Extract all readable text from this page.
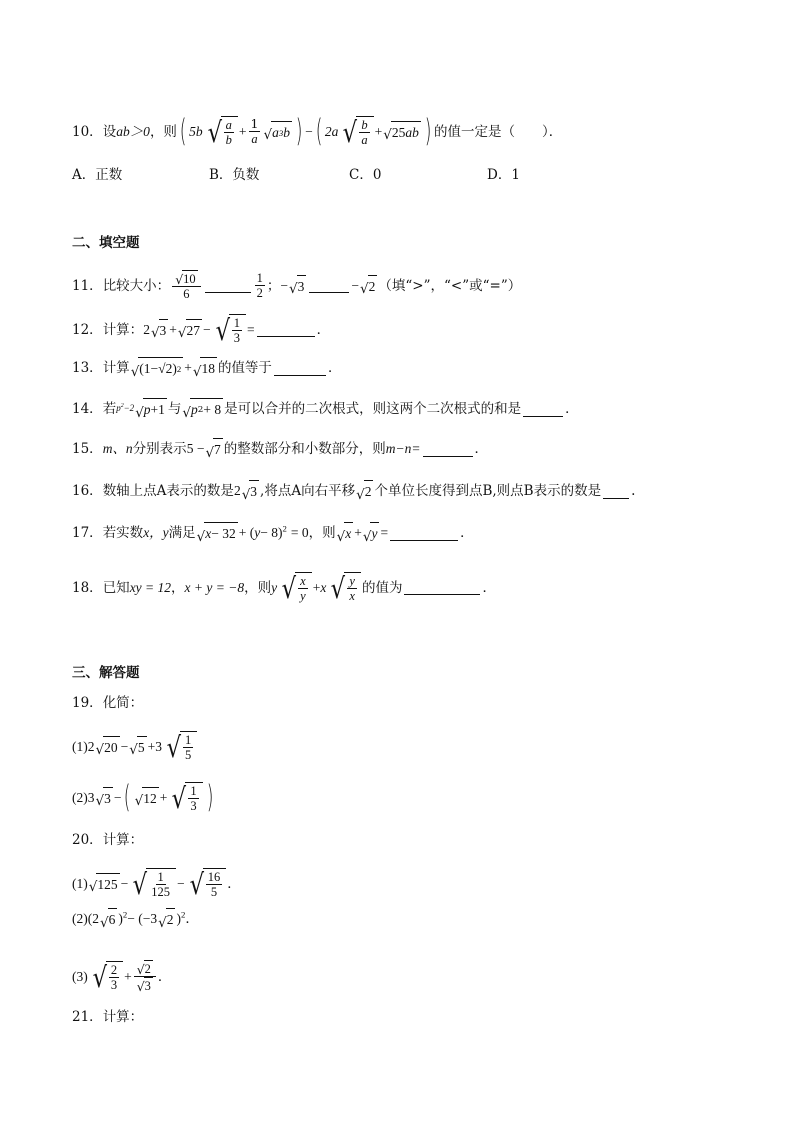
10． 设 ab＞0 ，则 ( 5b √ $\frac{a}{b} + \frac{1}{a}$ √ a 3 b ) − ( 2a √ $\frac{b}{a}$ + √ 25 ab ) 的值一定是（　　）．
A．正数	B．负数	C．0	D．1
二、填空题
11． 比较大小： $\frac{√ 10}{6}$	$\frac{1}{2}$ ； − √ 3	− √ 2 （填“>”，“<”或“=”）
12． 计算： 2 √ 3 + √ 27 − √ $\frac{1}{3}$ =	．
13． 计算 √ (1−√2) 2 + √ 18 的值等于	．
14． 若 $p^2-2$ √ p +1 与 √ p 2 + 8 是可以合并的二次根式，则这两个二次根式的和是	．
15． m、n 分别表示 5 − √ 7 的整数部分和小数部分，则 m−n=	．
16． 数轴上点A表示的数是 2 √ 3 ,将点A向右平移 √ 2 个单位长度得到点B,则点B表示的数是 .
17． 若实数 x，y 满足 √ x − 32 + ( y − 8)$^2$ = 0 ，则 √ x + √ y =	．
18． 已知 xy = 12 ， x + y = −8 ，则 y √ $\frac{x}{y} + x$ √ $\frac{y}{x}$ 的值为	．
三、解答题
19． 化简：
(1) 2 √ 20 − √ 5 +3 √ $\frac{1}{5}$
(2) 3 √ 3 − ( √ 12 + √ $\frac{1}{3}$ )
20． 计算：
(1) √ 125 − √ $\frac{1}{125}$ − √ $\frac{16}{5}$ ．
(2) (2 √ 6 )$^2$ − (−3 √ 2 )$^2$ ．
(3) √ $\frac{2}{3} + \frac{√ 2}{√ 3}$ ．
21． 计算：
